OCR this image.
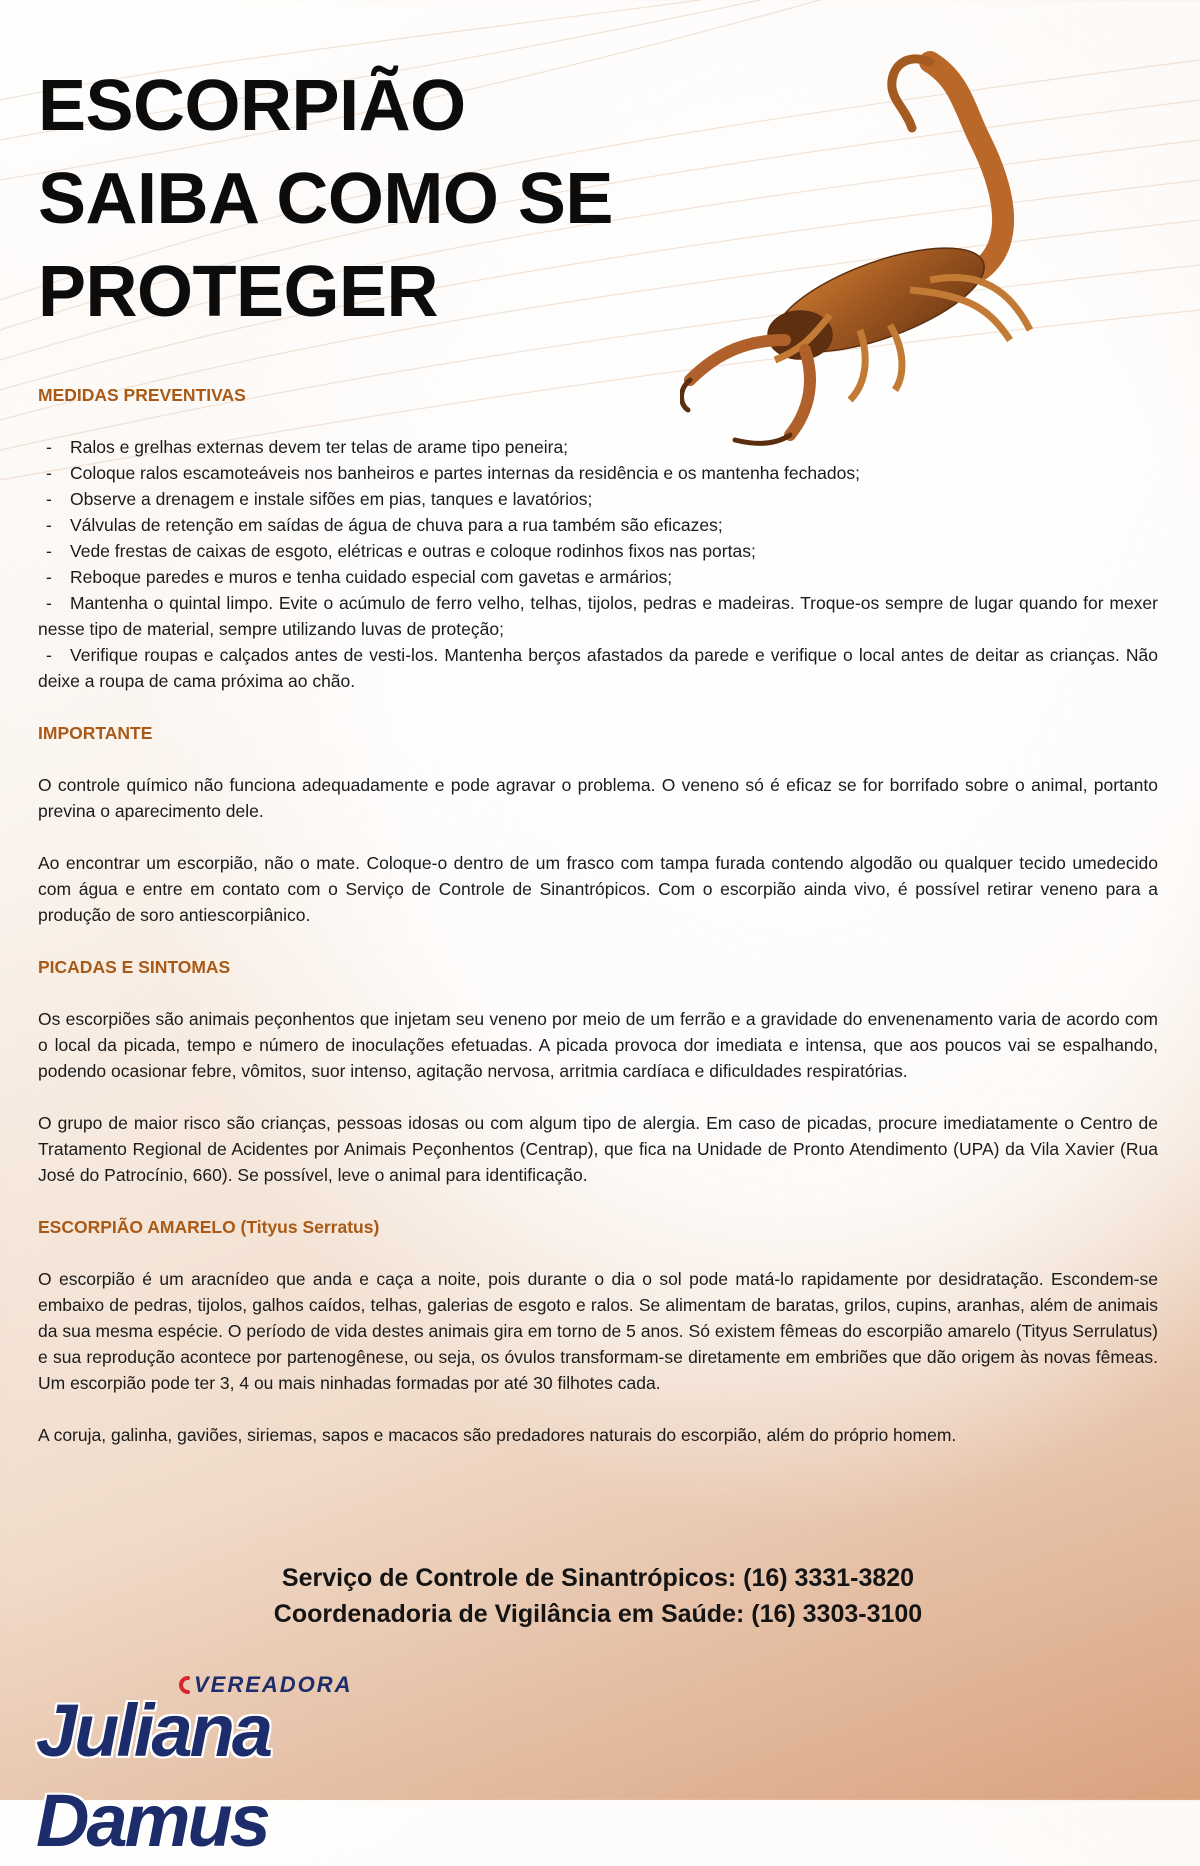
ESCORPIÃO
SAIBA COMO SE
PROTEGER
MEDIDAS PREVENTIVAS
- Ralos e grelhas externas devem ter telas de arame tipo peneira;
- Coloque ralos escamoteáveis nos banheiros e partes internas da residência e os mantenha fechados;
- Observe a drenagem e instale sifões em pias, tanques e lavatórios;
- Válvulas de retenção em saídas de água de chuva para a rua também são eficazes;
- Vede frestas de caixas de esgoto, elétricas e outras e coloque rodinhos fixos nas portas;
- Reboque paredes e muros e tenha cuidado especial com gavetas e armários;
- Mantenha o quintal limpo. Evite o acúmulo de ferro velho, telhas, tijolos, pedras e madeiras. Troque-os sempre de lugar quando for mexer nesse tipo de material, sempre utilizando luvas de proteção;
- Verifique roupas e calçados antes de vesti-los. Mantenha berços afastados da parede e verifique o local antes de deitar as crianças. Não deixe a roupa de cama próxima ao chão.
IMPORTANTE

O controle químico não funciona adequadamente e pode agravar o problema. O veneno só é eficaz se for borrifado sobre o animal, portanto previna o aparecimento dele.

Ao encontrar um escorpião, não o mate. Coloque-o dentro de um frasco com tampa furada contendo algodão ou qualquer tecido umedecido com água e entre em contato com o Serviço de Controle de Sinantrópicos. Com o escorpião ainda vivo, é possível retirar veneno para a produção de soro antiescorpiânico.

PICADAS E SINTOMAS

Os escorpiões são animais peçonhentos que injetam seu veneno por meio de um ferrão e a gravidade do envenenamento varia de acordo com o local da picada, tempo e número de inoculações efetuadas. A picada provoca dor imediata e intensa, que aos poucos vai se espalhando, podendo ocasionar febre, vômitos, suor intenso, agitação nervosa, arritmia cardíaca e dificuldades respiratórias.

O grupo de maior risco são crianças, pessoas idosas ou com algum tipo de alergia. Em caso de picadas, procure imediatamente o Centro de Tratamento Regional de Acidentes por Animais Peçonhentos (Centrap), que fica na Unidade de Pronto Atendimento (UPA) da Vila Xavier (Rua José do Patrocínio, 660). Se possível, leve o animal para identificação.

ESCORPIÃO AMARELO (Tityus Serratus)

O escorpião é um aracnídeo que anda e caça a noite, pois durante o dia o sol pode matá-lo rapidamente por desidratação. Escondem-se embaixo de pedras, tijolos, galhos caídos, telhas, galerias de esgoto e ralos. Se alimentam de baratas, grilos, cupins, aranhas, além de animais da sua mesma espécie. O período de vida destes animais gira em torno de 5 anos. Só existem fêmeas do escorpião amarelo (Tityus Serrulatus) e sua reprodução acontece por partenogênese, ou seja, os óvulos transformam-se diretamente em embriões que dão origem às novas fêmeas. Um escorpião pode ter 3, 4 ou mais ninhadas formadas por até 30 filhotes cada.

A coruja, galinha, gaviões, siriemas, sapos e macacos são predadores naturais do escorpião, além do próprio homem.

Serviço de Controle de Sinantrópicos: (16) 3331-3820
Coordenadoria de Vigilância em Saúde: (16) 3303-3100
VEREADORA
Juliana Damus
